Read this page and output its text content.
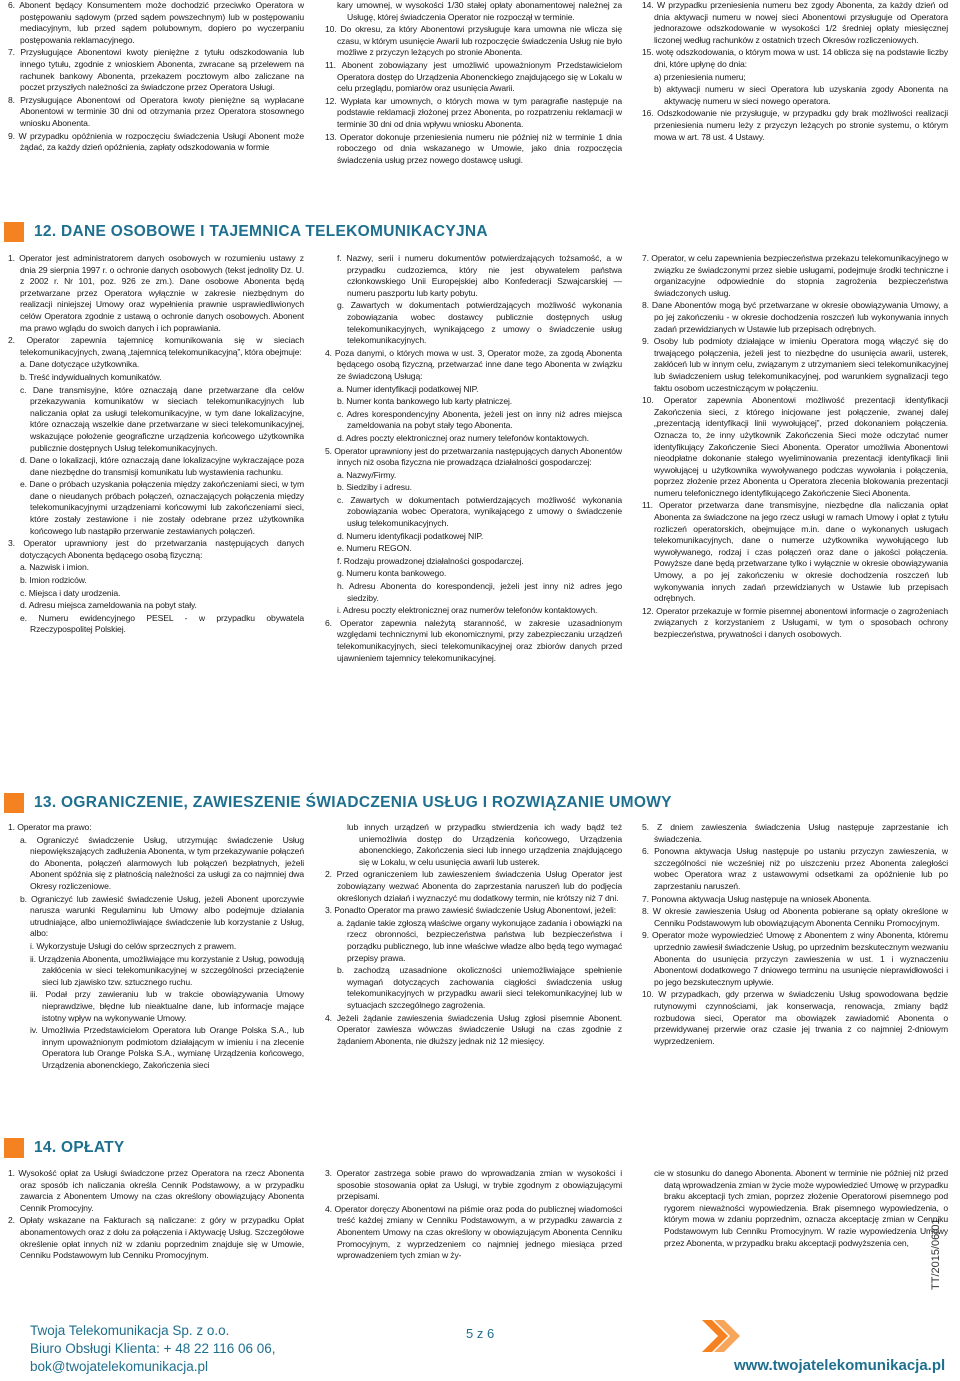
6. Abonent będący Konsumentem może dochodzić przeciwko Operatora w postępowaniu sądowym (przed sądem powszechnym) lub w postępowaniu mediacyjnym, lub przed sądem polubownym, dopiero po wyczerpaniu postępowania reklamacyjnego.

7. Przysługujące Abonentowi kwoty pieniężne z tytułu odszkodowania lub innego tytułu, zgodnie z wnioskiem Abonenta, zwracane są przelewem na rachunek bankowy Abonenta, przekazem pocztowym albo zaliczane na poczet przyszłych należności za świadczone przez Operatora Usługi.

8. Przysługujące Abonentowi od Operatora kwoty pieniężne są wypłacane Abonentowi w terminie 30 dni od otrzymania przez Operatora stosownego wniosku Abonenta.

9. W przypadku opóźnienia w rozpoczęciu świadczenia Usługi Abonent może żądać, za każdy dzień opóźnienia, zapłaty odszkodowania w formie

kary umownej, w wysokości 1/30 stałej opłaty abonamentowej należnej za Usługę, której świadczenia Operator nie rozpoczął w terminie.

10. Do okresu, za który Abonentowi przysługuje kara umowna nie wlicza się czasu, w którym usunięcie Awarii lub rozpoczęcie świadczenia Usług nie było możliwe z przyczyn leżących po stronie Abonenta.

11. Abonent zobowiązany jest umożliwić upoważnionym Przedstawicielom Operatora dostęp do Urządzenia Abonenckiego znajdującego się w Lokalu w celu przeglądu, pomiarów oraz usunięcia Awarii.

12. Wypłata kar umownych, o których mowa w tym paragrafie następuje na podstawie reklamacji złożonej przez Abonenta, po rozpatrzeniu reklamacji w terminie 30 dni od dnia wpływu wniosku Abonenta.

13. Operator dokonuje przeniesienia numeru nie później niż w terminie 1 dnia roboczego od dnia wskazanego w Umowie, jako dnia rozpoczęcia świadczenia usług przez nowego dostawcę usługi.

14. W przypadku przeniesienia numeru bez zgody Abonenta, za każdy dzień od dnia aktywacji numeru w nowej sieci Abonentowi przysługuje od Operatora jednorazowe odszkodowanie w wysokości 1/2 średniej opłaty miesięcznej liczonej według rachunków z ostatnich trzech Okresów rozliczeniowych.

15. wotę odszkodowania, o którym mowa w ust. 14 oblicza się na podstawie liczby dni, które upłynę do dnia:

a) przeniesienia numeru;

b) aktywacji numeru w sieci Operatora lub uzyskania zgody Abonenta na aktywację numeru w sieci nowego operatora.

16. Odszkodowanie nie przysługuje, w przypadku gdy brak możliwości realizacji przeniesienia numeru leży z przyczyn leżących po stronie systemu, o którym mowa w art. 78 ust. 4 Ustawy.

12. DANE OSOBOWE I TAJEMNICA TELEKOMUNIKACYJNA

1. Operator jest administratorem danych osobowych w rozumieniu ustawy z dnia 29 sierpnia 1997 r. o ochronie danych osobowych (tekst jednolity Dz. U. z 2002 r. Nr 101, poz. 926 ze zm.). Dane osobowe Abonenta będą przetwarzane przez Operatora wyłącznie w zakresie niezbędnym do realizacji niniejszej Umowy oraz wypełnienia prawnie usprawiedliwionych celów Operatora zgodnie z ustawą o ochronie danych osobowych. Abonent ma prawo wglądu do swoich danych i ich poprawiania.

2. Operator zapewnia tajemnicę komunikowania się w sieciach telekomunikacyjnych, zwaną „tajemnicą telekomunikacyjną”, która obejmuje:

a. Dane dotyczące użytkownika.

b. Treść indywidualnych komunikatów.

c. Dane transmisyjne, które oznaczają dane przetwarzane dla celów przekazywania komunikatów w sieciach telekomunikacyjnych lub naliczania opłat za usługi telekomunikacyjne, w tym dane lokalizacyjne, które oznaczają wszelkie dane przetwarzane w sieci telekomunikacyjnej, wskazujące położenie geograficzne urządzenia końcowego użytkownika publicznie dostępnych Usług telekomunikacyjnych.

d. Dane o lokalizacji, które oznaczają dane lokalizacyjne wykraczające poza dane niezbędne do transmisji komunikatu lub wystawienia rachunku.

e. Dane o próbach uzyskania połączenia między zakończeniami sieci, w tym dane o nieudanych próbach połączeń, oznaczających połączenia między telekomunikacyjnymi urządzeniami końcowymi lub zakończeniami sieci, które zostały zestawione i nie zostały odebrane przez użytkownika końcowego lub nastąpiło przerwanie zestawianych połączeń.

3. Operator uprawniony jest do przetwarzania następujących danych dotyczących Abonenta będącego osobą fizyczną:

a. Nazwisk i imion.

b. Imion rodziców.

c. Miejsca i daty urodzenia.

d. Adresu miejsca zameldowania na pobyt stały.

e. Numeru ewidencyjnego PESEL - w przypadku obywatela Rzeczypospolitej Polskiej.

f. Nazwy, serii i numeru dokumentów potwierdzających tożsamość, a w przypadku cudzoziemca, który nie jest obywatelem państwa członkowskiego Unii Europejskiej albo Konfederacji Szwajcarskiej — numeru paszportu lub karty pobytu.

g. Zawartych w dokumentach potwierdzających możliwość wykonania zobowiązania wobec dostawcy publicznie dostępnych usług telekomunikacyjnych, wynikającego z umowy o świadczenie usług telekomunikacyjnych.

4. Poza danymi, o których mowa w ust. 3, Operator może, za zgodą Abonenta będącego osobą fizyczną, przetwarzać inne dane tego Abonenta w związku ze świadczoną Usługą:

a. Numer identyfikacji podatkowej NIP.

b. Numer konta bankowego lub karty płatniczej.

c. Adres korespondencyjny Abonenta, jeżeli jest on inny niż adres miejsca zameldowania na pobyt stały tego Abonenta.

d. Adres poczty elektronicznej oraz numery telefonów kontaktowych.

5. Operator uprawniony jest do przetwarzania następujących danych Abonentów innych niż osoba fizyczna nie prowadząca działalności gospodarczej:

a. Nazwy/Firmy.

b. Siedziby i adresu.

c. Zawartych w dokumentach potwierdzających możliwość wykonania zobowiązania wobec Operatora, wynikającego z umowy o świadczenie usług telekomunikacyjnych.

d. Numeru identyfikacji podatkowej NIP.

e. Numeru REGON.

f. Rodzaju prowadzonej działalności gospodarczej.

g. Numeru konta bankowego.

h. Adresu Abonenta do korespondencji, jeżeli jest inny niż adres jego siedziby.

i. Adresu poczty elektronicznej oraz numerów telefonów kontaktowych.

6. Operator zapewnia należytą staranność, w zakresie uzasadnionym względami technicznymi lub ekonomicznymi, przy zabezpieczaniu urządzeń telekomunikacyjnych, sieci telekomunikacyjnej oraz zbiorów danych przed ujawnieniem tajemnicy telekomunikacyjnej.

7. Operator, w celu zapewnienia bezpieczeństwa przekazu telekomunikacyjnego w związku ze świadczonymi przez siebie usługami, podejmuje środki techniczne i organizacyjne odpowiednie do stopnia zagrożenia bezpieczeństwa świadczonych usług.

8. Dane Abonentów mogą być przetwarzane w okresie obowiązywania Umowy, a po jej zakończeniu - w okresie dochodzenia roszczeń lub wykonywania innych zadań przewidzianych w Ustawie lub przepisach odrębnych.

9. Osoby lub podmioty działające w imieniu Operatora mogą włączyć się do trwającego połączenia, jeżeli jest to niezbędne do usunięcia awarii, usterek, zakłóceń lub w innym celu, związanym z utrzymaniem sieci telekomunikacyjnej lub świadczeniem usług telekomunikacyjnej, pod warunkiem sygnalizacji tego faktu osobom uczestniczącym w połączeniu.

10. Operator zapewnia Abonentowi możliwość prezentacji identyfikacji Zakończenia sieci, z którego inicjowane jest połączenie, zwanej dalej „prezentacją identyfikacji linii wywołującej”, przed dokonaniem połączenia. Oznacza to, że inny użytkownik Zakończenia Sieci może odczytać numer identyfikujący Zakończenie Sieci Abonenta. Operator umożliwia Abonentowi nieodpłatne dokonanie stałego wyeliminowania prezentacji identyfikacji linii wywołującej u użytkownika wywoływanego podczas wywołania i połączenia, poprzez złożenie przez Abonenta u Operatora zlecenia blokowania prezentacji numeru telefonicznego identyfikującego Zakończenie Sieci Abonenta.

11. Operator przetwarza dane transmisyjne, niezbędne dla naliczania opłat Abonenta za świadczone na jego rzecz usługi w ramach Umowy i opłat z tytułu rozliczeń operatorskich, obejmujące m.in. dane o wykonanych usługach telekomunikacyjnych, dane o numerze użytkownika wywołującego lub wywoływanego, rodzaj i czas połączeń oraz dane o jakości połączenia. Powyższe dane będą przetwarzane tylko i wyłącznie w okresie obowiązywania Umowy, a po jej zakończeniu w okresie dochodzenia roszczeń lub wykonywania innych zadań przewidzianych w Ustawie lub przepisach odrębnych.

12. Operator przekazuje w formie pisemnej abonentowi informacje o zagrożeniach związanych z korzystaniem z Usługami, w tym o sposobach ochrony bezpieczeństwa, prywatności i danych osobowych.

13. OGRANICZENIE, ZAWIESZENIE ŚWIADCZENIA USŁUG I ROZWIĄZANIE UMOWY

1. Operator ma prawo:

a. Ograniczyć świadczenie Usług, utrzymując świadczenie Usług niepowiększających zadłużenia Abonenta, w tym przekazywanie połączeń do Abonenta, połączeń alarmowych lub połączeń bezpłatnych, jeżeli Abonent spóźnia się z płatnością należności za usługi za co najmniej dwa Okresy rozliczeniowe.

b. Ograniczyć lub zawiesić świadczenie Usług, jeżeli Abonent uporczywie narusza warunki Regulaminu lub Umowy albo podejmuje działania utrudniające, albo uniemożliwiające świadczenie lub korzystanie z Usług, albo:

i. Wykorzystuje Usługi do celów sprzecznych z prawem.

ii. Urządzenia Abonenta, umożliwiające mu korzystanie z Usług, powodują zakłócenia w sieci telekomunikacyjnej w szczególności przeciążenie sieci lub zjawisko tzw. sztucznego ruchu.

iii. Podał przy zawieraniu lub w trakcie obowiązywania Umowy nieprawdziwe, błędne lub nieaktualne dane, lub informacje mające istotny wpływ na wykonywanie Umowy.

iv. Umożliwia Przedstawicielom Operatora lub Orange Polska S.A., lub innym upoważnionym podmiotom działającym w imieniu i na zlecenie Operatora lub Orange Polska S.A., wymianę Urządzenia końcowego, Urządzenia abonenckiego, Zakończenia sieci

lub innych urządzeń w przypadku stwierdzenia ich wady bądź też uniemożliwia dostęp do Urządzenia końcowego, Urządzenia abonenckiego, Zakończenia sieci lub innego urządzenia znajdującego się w Lokalu, w celu usunięcia awarii lub usterek.

2. Przed ograniczeniem lub zawieszeniem świadczenia Usług Operator jest zobowiązany wezwać Abonenta do zaprzestania naruszeń lub do podjęcia określonych działań i wyznaczyć mu dodatkowy termin, nie krótszy niż 7 dni.

3. Ponadto Operator ma prawo zawiesić świadczenie Usług Abonentowi, jeżeli:

a. żądanie takie zgłoszą właściwe organy wykonujące zadania i obowiązki na rzecz obronności, bezpieczeństwa państwa lub bezpieczeństwa i porządku publicznego, lub inne właściwe władze albo będą tego wymagać przepisy prawa.

b. zachodzą uzasadnione okoliczności uniemożliwiające spełnienie wymagań dotyczących zachowania ciągłości świadczenia usług telekomunikacyjnych w przypadku awarii sieci telekomunikacyjnej lub w sytuacjach szczególnego zagrożenia.

4. Jeżeli żądanie zawieszenia świadczenia Usług zgłosi pisemnie Abonent. Operator zawiesza wówczas świadczenie Usługi na czas zgodnie z żądaniem Abonenta, nie dłuższy jednak niż 12 miesięcy.

5. Z dniem zawieszenia świadczenia Usług następuje zaprzestanie ich świadczenia.

6. Ponowna aktywacja Usług następuje po ustaniu przyczyn zawieszenia, w szczególności nie wcześniej niż po uiszczeniu przez Abonenta zaległości wobec Operatora wraz z ustawowymi odsetkami za opóźnienie lub po zaprzestaniu naruszeń.

7. Ponowna aktywacja Usług następuje na wniosek Abonenta.

8. W okresie zawieszenia Usług od Abonenta pobierane są opłaty określone w Cenniku Podstawowym lub obowiązującym Abonenta Cenniku Promocyjnym.

9. Operator może wypowiedzieć Umowę z Abonentem z winy Abonenta, któremu uprzednio zawiesił świadczenie Usług, po uprzednim bezskutecznym wezwaniu Abonenta do usunięcia przyczyn zawieszenia w ust. 1 i wyznaczeniu Abonentowi dodatkowego 7 dniowego terminu na usunięcie nieprawidłowości i po jego bezskutecznym upływie.

10. W przypadkach, gdy przerwa w świadczeniu Usług spowodowana będzie rutynowymi czynnościami, jak konserwacja, renowacja, zmiany bądź rozbudowa sieci, Operator ma obowiązek zawiadomić Abonenta o przewidywanej przerwie oraz czasie jej trwania z co najmniej 2-dniowym wyprzedzeniem.

14. OPŁATY

1. Wysokość opłat za Usługi świadczone przez Operatora na rzecz Abonenta oraz sposób ich naliczania określa Cennik Podstawowy, a w przypadku zawarcia z Abonentem Umowy na czas określony obowiązujący Abonenta Cennik Promocyjny.

2. Opłaty wskazane na Fakturach są naliczane: z góry w przypadku Opłat abonamentowych oraz z dołu za połączenia i Aktywację Usług. Szczegółowe określenie opłat innych niż w zdaniu poprzednim znajduje się w Umowie, Cenniku Podstawowym lub Cenniku Promocyjnym.

3. Operator zastrzega sobie prawo do wprowadzania zmian w wysokości i sposobie stosowania opłat za Usługi, w trybie zgodnym z obowiązującymi przepisami.

4. Operator doręczy Abonentowi na piśmie oraz poda do publicznej wiadomości treść każdej zmiany w Cenniku Podstawowym, a w przypadku zawarcia z Abonentem Umowy na czas określony w obowiązującym Abonenta Cenniku Promocyjnym, z wyprzedzeniem co najmniej jednego miesiąca przed wprowadzeniem tych zmian w ży-

cie w stosunku do danego Abonenta. Abonent w terminie nie później niż przed datą wprowadzenia zmian w życie może wypowiedzieć Umowę w przypadku braku akceptacji tych zmian, poprzez złożenie Operatorowi pisemnego pod rygorem nieważności wypowiedzenia. Brak pisemnego wypowiedzenia, o którym mowa w zdaniu poprzednim, oznacza akceptację zmian w Cenniku Podstawowym lub Cenniku Promocyjnym. W razie wypowiedzenia Umowy przez Abonenta, w przypadku braku akceptacji podwyższenia cen,

Twoja Telekomunikacja Sp. z o.o.
Biuro Obsługi Klienta: + 48 22 116 06 06,
bok@twojatelekomunikacja.pl
5 z 6
www.twojatelekomunikacja.pl
TT/2015/06/01
